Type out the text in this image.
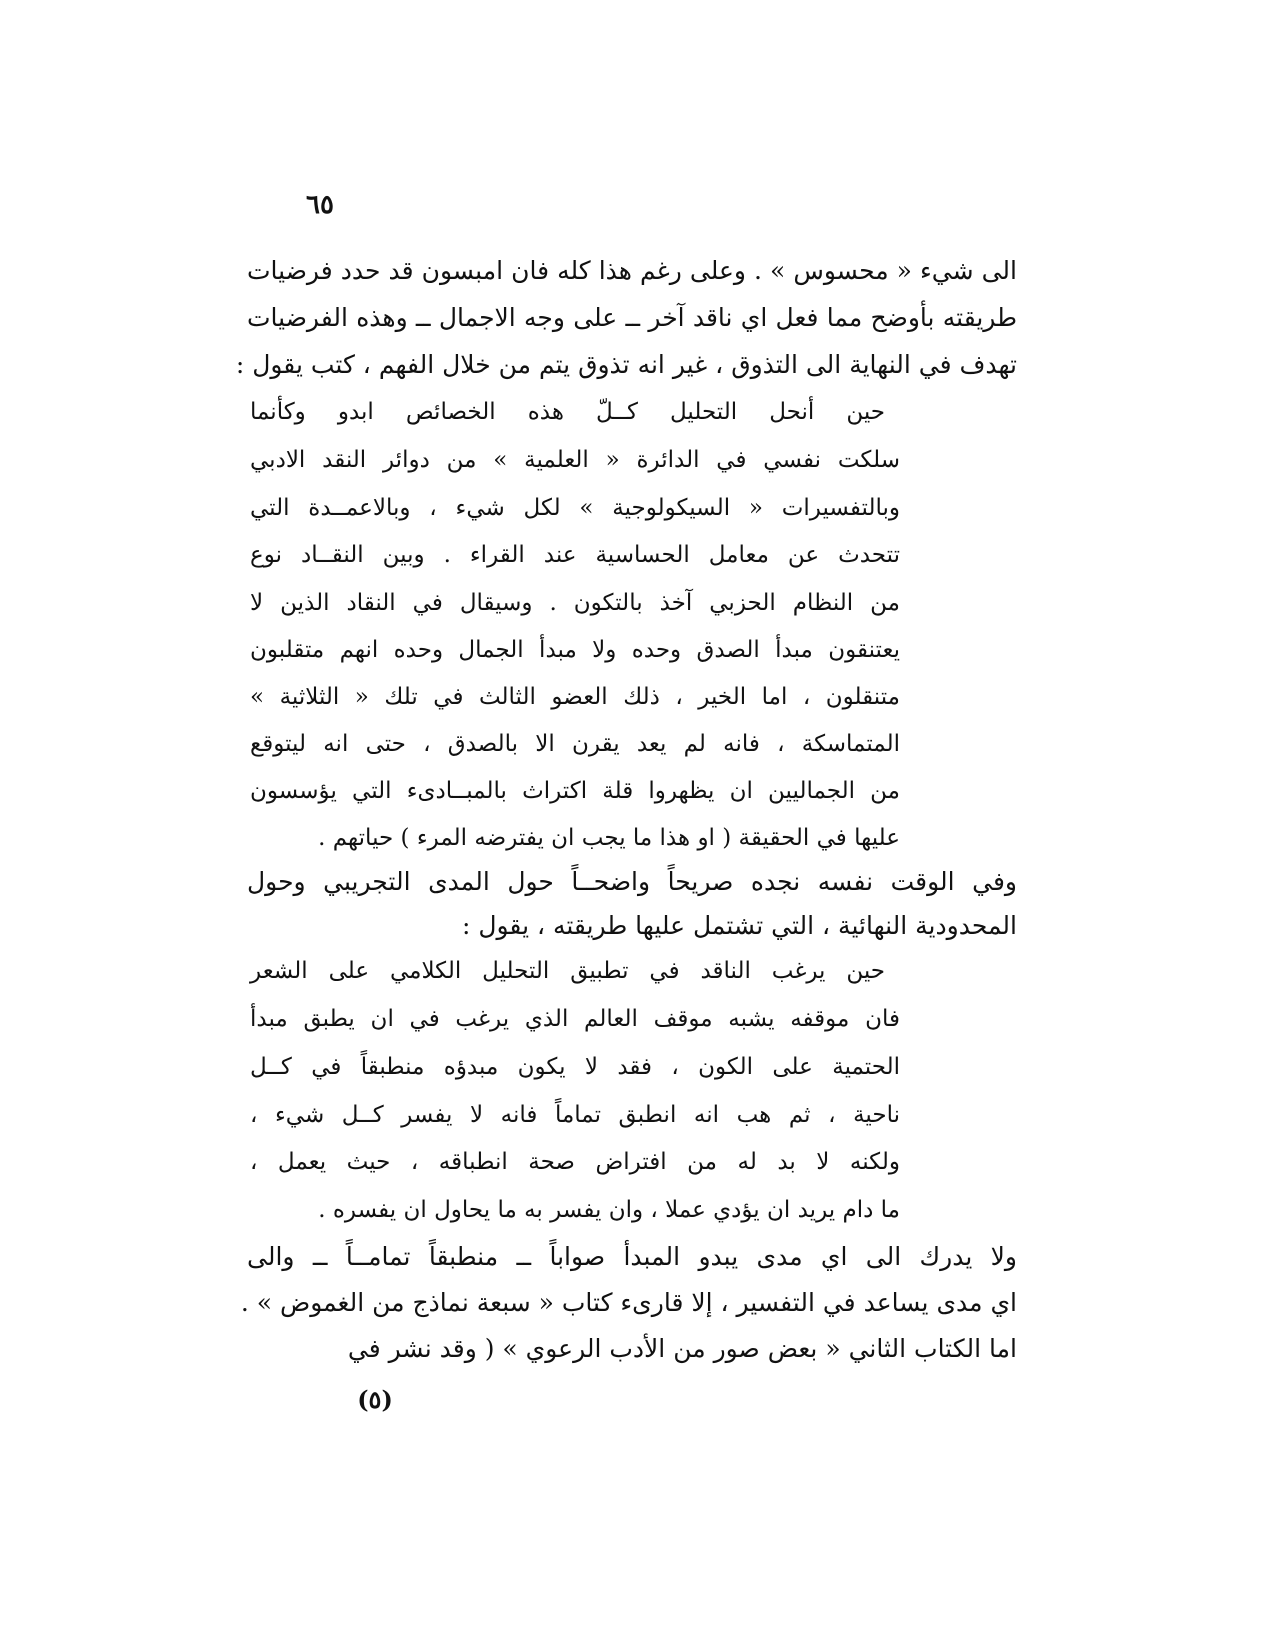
٦٥
الى شيء « محسوس » . وعلى رغم هذا كله فان امبسون قد حدد فرضيات
طريقته بأوضح مما فعل اي ناقد آخر ــ على وجه الاجمال ــ وهذه الفرضيات
تهدف في النهاية الى التذوق ، غير انه تذوق يتم من خلال الفهم ، كتب يقول :
حين أنحل التحليل كــلّ هذه الخصائص ابدو وكأنما
سلكت نفسي في الدائرة « العلمية » من دوائر النقد الادبي
وبالتفسيرات « السيكولوجية » لكل شيء ، وبالاعمــدة التي
تتحدث عن معامل الحساسية عند القراء . وبين النقــاد نوع
من النظام الحزبي آخذ بالتكون . وسيقال في النقاد الذين لا
يعتنقون مبدأ الصدق وحده ولا مبدأ الجمال وحده انهم متقلبون
متنقلون ، اما الخير ، ذلك العضو الثالث في تلك « الثلاثية »
المتماسكة ، فانه لم يعد يقرن الا بالصدق ، حتى انه ليتوقع
من الجماليين ان يظهروا قلة اكتراث بالمبــادىء التي يؤسسون
عليها في الحقيقة ( او هذا ما يجب ان يفترضه المرء ) حياتهم .
وفي الوقت نفسه نجده صريحاً واضحــاً حول المدى التجريبي وحول
المحدودية النهائية ، التي تشتمل عليها طريقته ، يقول :
حين يرغب الناقد في تطبيق التحليل الكلامي على الشعر
فان موقفه يشبه موقف العالم الذي يرغب في ان يطبق مبدأ
الحتمية على الكون ، فقد لا يكون مبدؤه منطبقاً في كــل
ناحية ، ثم هب انه انطبق تماماً فانه لا يفسر كــل شيء ،
ولكنه لا بد له من افتراض صحة انطباقه ، حيث يعمل ،
ما دام يريد ان يؤدي عملا ، وان يفسر به ما يحاول ان يفسره .
ولا يدرك الى اي مدى يبدو المبدأ صواباً ــ منطبقاً تمامــاً ــ والى
اي مدى يساعد في التفسير ، إلا قارىء كتاب « سبعة نماذج من الغموض » .
اما الكتاب الثاني « بعض صور من الأدب الرعوي » ( وقد نشر في
(٥)
